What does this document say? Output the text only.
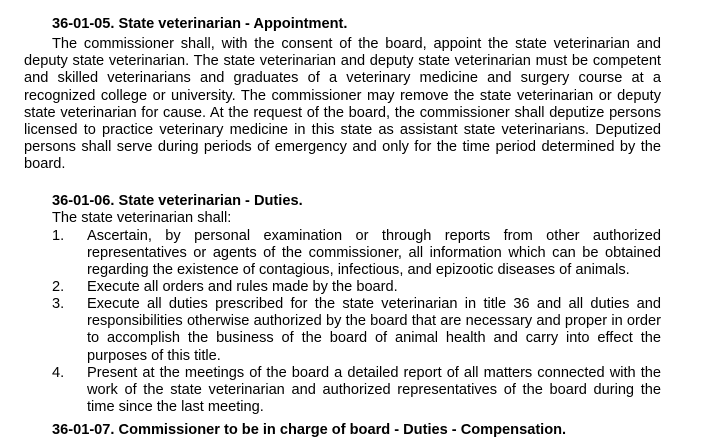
36-01-05. State veterinarian - Appointment.
The commissioner shall, with the consent of the board, appoint the state veterinarian and deputy state veterinarian. The state veterinarian and deputy state veterinarian must be competent and skilled veterinarians and graduates of a veterinary medicine and surgery course at a recognized college or university. The commissioner may remove the state veterinarian or deputy state veterinarian for cause. At the request of the board, the commissioner shall deputize persons licensed to practice veterinary medicine in this state as assistant state veterinarians. Deputized persons shall serve during periods of emergency and only for the time period determined by the board.
36-01-06. State veterinarian - Duties.
The state veterinarian shall:
1.	Ascertain, by personal examination or through reports from other authorized representatives or agents of the commissioner, all information which can be obtained regarding the existence of contagious, infectious, and epizootic diseases of animals.
2.	Execute all orders and rules made by the board.
3.	Execute all duties prescribed for the state veterinarian in title 36 and all duties and responsibilities otherwise authorized by the board that are necessary and proper in order to accomplish the business of the board of animal health and carry into effect the purposes of this title.
4.	Present at the meetings of the board a detailed report of all matters connected with the work of the state veterinarian and authorized representatives of the board during the time since the last meeting.
36-01-07. Commissioner to be in charge of board - Duties - Compensation.
